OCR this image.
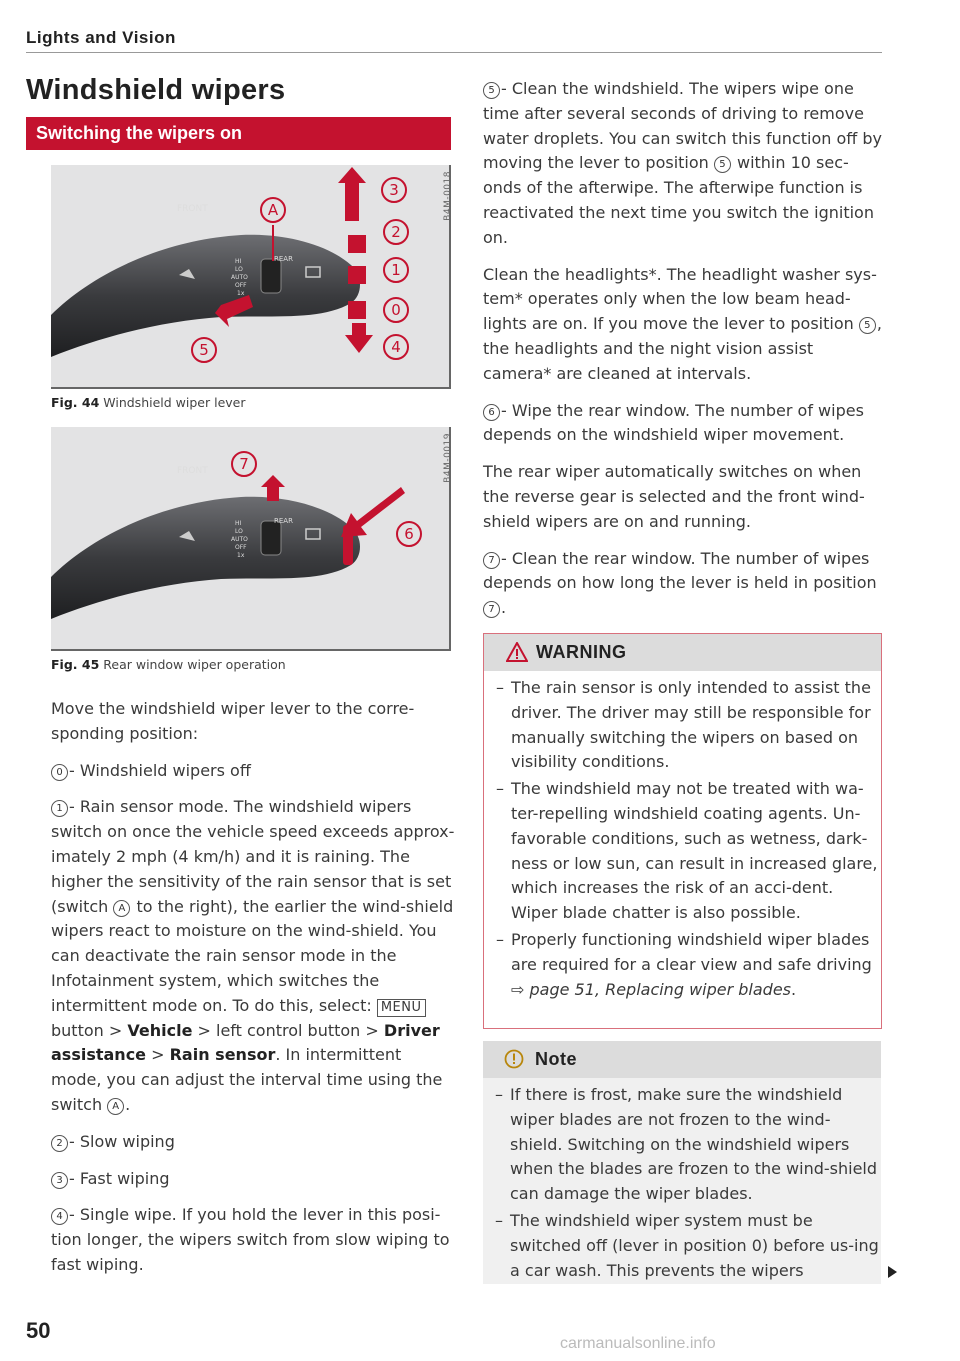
Lights and Vision
Windshield wipers
Switching the wipers on
FRONT
REAR
HI
LO
AUTO
OFF
1x
A
3
2
1
0
5	4
B4M-0018
Fig. 44 Windshield wiper lever
FRONT
REAR
HI
LO
AUTO
OFF
1x
7
6
B4M-0019
Fig. 45 Rear window wiper operation

Move the windshield wiper lever to the corre-sponding position:

0 - Windshield wipers off

1 - Rain sensor mode. The windshield wipers switch on once the vehicle speed exceeds approx-imately 2 mph (4 km/h) and it is raining. The higher the sensitivity of the rain sensor that is set (switch A to the right), the earlier the wind-shield wipers react to moisture on the wind-shield. You can deactivate the rain sensor mode in the Infotainment system, which switches the intermittent mode on. To do this, select: MENU button > Vehicle > left control button > Driver assistance > Rain sensor. In intermittent mode, you can adjust the interval time using the switch A .

2 - Slow wiping

3 - Fast wiping

4 - Single wipe. If you hold the lever in this posi-tion longer, the wipers switch from slow wiping to fast wiping.

5 - Clean the windshield. The wipers wipe one time after several seconds of driving to remove water droplets. You can switch this function off by moving the lever to position 5 within 10 sec-onds of the afterwipe. The afterwipe function is reactivated the next time you switch the ignition on.

Clean the headlights*. The headlight washer sys-tem* operates only when the low beam head-lights are on. If you move the lever to position 5 , the headlights and the night vision assist camera* are cleaned at intervals.

6 - Wipe the rear window. The number of wipes depends on the windshield wiper movement.

The rear wiper automatically switches on when the reverse gear is selected and the front wind-shield wipers are on and running.

7 - Clean the rear window. The number of wipes depends on how long the lever is held in position 7 .

WARNING
– The rain sensor is only intended to assist the driver. The driver may still be responsible for manually switching the wipers on based on visibility conditions.
– The windshield may not be treated with wa-ter-repelling windshield coating agents. Un-favorable conditions, such as wetness, dark-ness or low sun, can result in increased glare, which increases the risk of an acci-dent. Wiper blade chatter is also possible.
– Properly functioning windshield wiper blades are required for a clear view and safe driving ⇨ page 51, Replacing wiper blades.
Note
– If there is frost, make sure the windshield wiper blades are not frozen to the wind-shield. Switching on the windshield wipers when the blades are frozen to the wind-shield can damage the wiper blades.
– The windshield wiper system must be switched off (lever in position 0) before us-ing a car wash. This prevents the wipers
50
carmanualsonline.info
